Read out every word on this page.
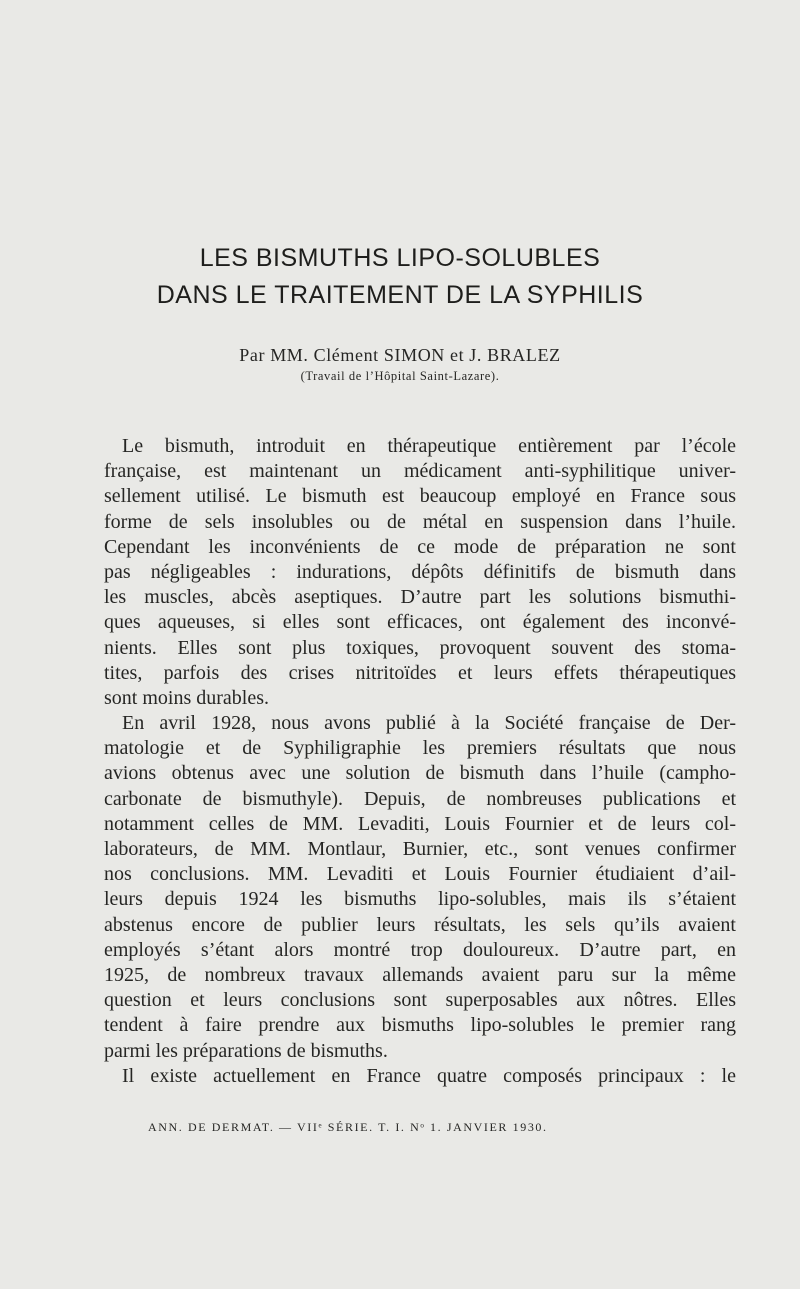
LES BISMUTHS LIPO-SOLUBLES
DANS LE TRAITEMENT DE LA SYPHILIS
Par MM. Clément SIMON et J. BRALEZ
(Travail de l’Hôpital Saint-Lazare).
Le bismuth, introduit en thérapeutique entièrement par l’école
française, est maintenant un médicament anti-syphilitique univer-
sellement utilisé. Le bismuth est beaucoup employé en France sous
forme de sels insolubles ou de métal en suspension dans l’huile.
Cependant les inconvénients de ce mode de préparation ne sont
pas négligeables : indurations, dépôts définitifs de bismuth dans
les muscles, abcès aseptiques. D’autre part les solutions bismuthi-
ques aqueuses, si elles sont efficaces, ont également des inconvé-
nients. Elles sont plus toxiques, provoquent souvent des stoma-
tites, parfois des crises nitritoïdes et leurs effets thérapeutiques
sont moins durables.
En avril 1928, nous avons publié à la Société française de Der-
matologie et de Syphiligraphie les premiers résultats que nous
avions obtenus avec une solution de bismuth dans l’huile (campho-
carbonate de bismuthyle). Depuis, de nombreuses publications et
notamment celles de MM. Levaditi, Louis Fournier et de leurs col-
laborateurs, de MM. Montlaur, Burnier, etc., sont venues confirmer
nos conclusions. MM. Levaditi et Louis Fournier étudiaient d’ail-
leurs depuis 1924 les bismuths lipo-solubles, mais ils s’étaient
abstenus encore de publier leurs résultats, les sels qu’ils avaient
employés s’étant alors montré trop douloureux. D’autre part, en
1925, de nombreux travaux allemands avaient paru sur la même
question et leurs conclusions sont superposables aux nôtres. Elles
tendent à faire prendre aux bismuths lipo-solubles le premier rang
parmi les préparations de bismuths.
Il existe actuellement en France quatre composés principaux : le
ANN. DE DERMAT. — VIIᵉ SÉRIE. T. I. Nᵒ 1. JANVIER 1930.
